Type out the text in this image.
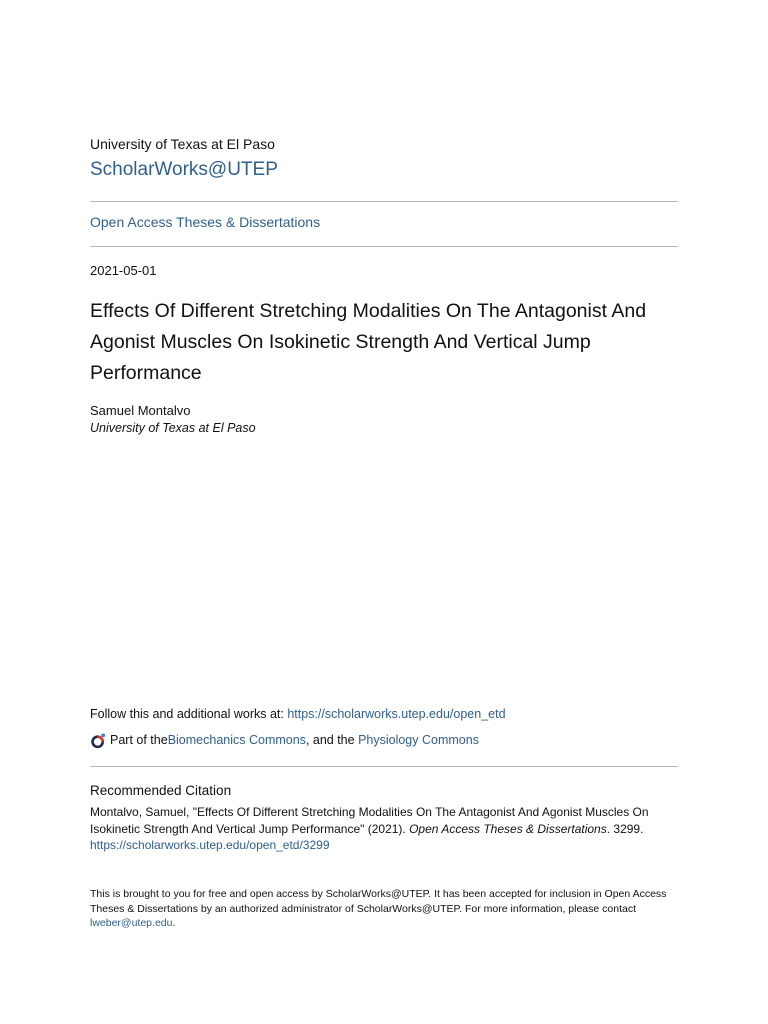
University of Texas at El Paso
ScholarWorks@UTEP
Open Access Theses & Dissertations
2021-05-01
Effects Of Different Stretching Modalities On The Antagonist And Agonist Muscles On Isokinetic Strength And Vertical Jump Performance
Samuel Montalvo
University of Texas at El Paso
Follow this and additional works at: https://scholarworks.utep.edu/open_etd
Part of the Biomechanics Commons , and the Physiology Commons
Recommended Citation
Montalvo, Samuel, "Effects Of Different Stretching Modalities On The Antagonist And Agonist Muscles On Isokinetic Strength And Vertical Jump Performance" (2021). Open Access Theses & Dissertations. 3299.
https://scholarworks.utep.edu/open_etd/3299
This is brought to you for free and open access by ScholarWorks@UTEP. It has been accepted for inclusion in Open Access Theses & Dissertations by an authorized administrator of ScholarWorks@UTEP. For more information, please contact lweber@utep.edu.
